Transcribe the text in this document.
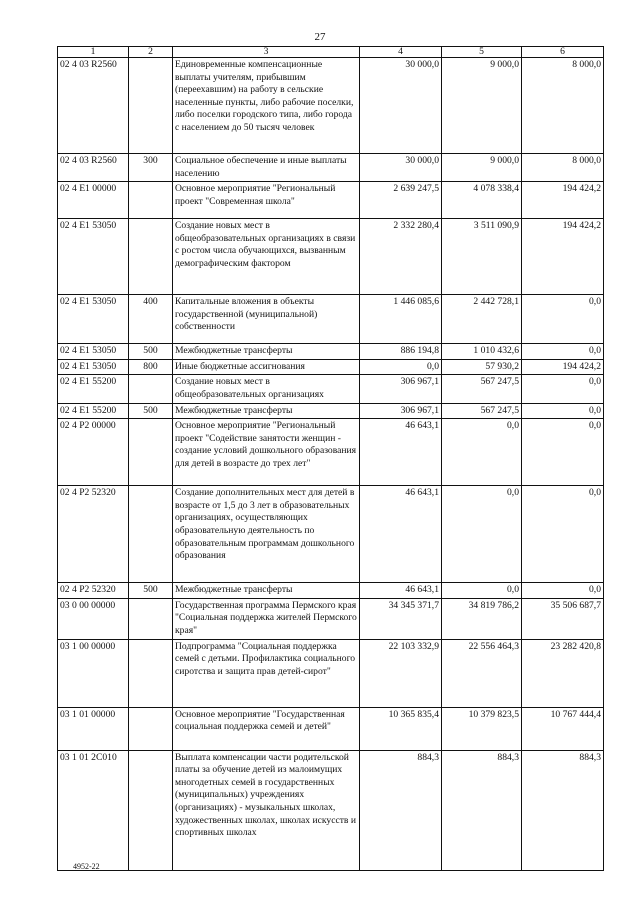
27
1	2	3	4	5	6
02 4 03 R2560		Единовременные компенсационные выплаты учителям, прибывшим (переехавшим) на работу в сельские населенные пункты, либо рабочие поселки, либо поселки городского типа, либо города с населением до 50 тысяч человек	30 000,0	9 000,0	8 000,0
02 4 03 R2560	300	Социальное обеспечение и иные выплаты населению	30 000,0	9 000,0	8 000,0
02 4 E1 00000		Основное мероприятие "Региональный проект "Современная школа"	2 639 247,5	4 078 338,4	194 424,2
02 4 E1 53050		Создание новых мест в общеобразовательных организациях в связи с ростом числа обучающихся, вызванным демографическим фактором	2 332 280,4	3 511 090,9	194 424,2
02 4 E1 53050	400	Капитальные вложения в объекты государственной (муниципальной) собственности	1 446 085,6	2 442 728,1	0,0
02 4 E1 53050	500	Межбюджетные трансферты	886 194,8	1 010 432,6	0,0
02 4 E1 53050	800	Иные бюджетные ассигнования	0,0	57 930,2	194 424,2
02 4 E1 55200		Создание новых мест в общеобразовательных организациях	306 967,1	567 247,5	0,0
02 4 E1 55200	500	Межбюджетные трансферты	306 967,1	567 247,5	0,0
02 4 P2 00000		Основное мероприятие "Региональный проект "Содействие занятости женщин - создание условий дошкольного образования для детей в возрасте до трех лет"	46 643,1	0,0	0,0
02 4 P2 52320		Создание дополнительных мест для детей в возрасте от 1,5 до 3 лет в образовательных организациях, осуществляющих образовательную деятельность по образовательным программам дошкольного образования	46 643,1	0,0	0,0
02 4 P2 52320	500	Межбюджетные трансферты	46 643,1	0,0	0,0
03 0 00 00000		Государственная программа Пермского края "Социальная поддержка жителей Пермского края"	34 345 371,7	34 819 786,2	35 506 687,7
03 1 00 00000		Подпрограмма "Социальная поддержка семей с детьми. Профилактика социального сиротства и защита прав детей-сирот"	22 103 332,9	22 556 464,3	23 282 420,8
03 1 01 00000		Основное мероприятие "Государственная социальная поддержка семей и детей"	10 365 835,4	10 379 823,5	10 767 444,4
03 1 01 2С010		Выплата компенсации части родительской платы за обучение детей из малоимущих многодетных семей в государственных (муниципальных) учреждениях (организациях) - музыкальных школах, художественных школах, школах искусств и спортивных школах	884,3	884,3	884,3
4952-22
